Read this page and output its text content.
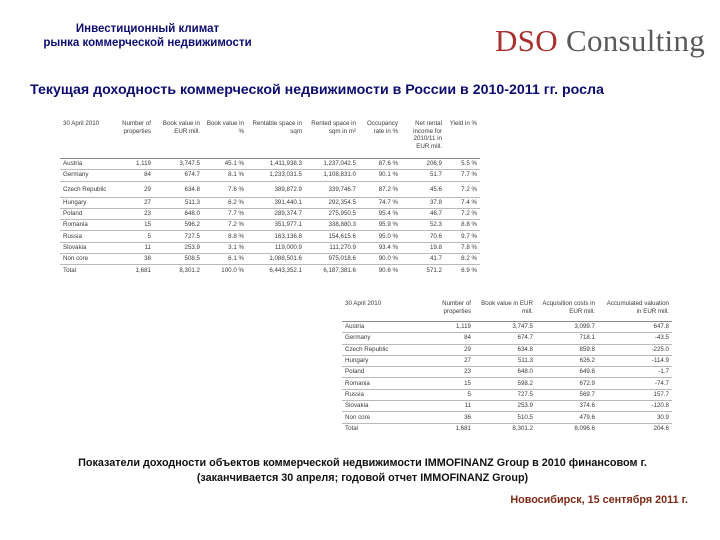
Инвестиционный климат
рынка коммерческой недвижимости	DSO Consulting
Текущая доходность коммерческой недвижимости в России в 2010-2011 гг. росла
30 April 2010	Number of properties	Book value in EUR mill.	Book value in %	Rentable space in sqm	Rented space in sqm in m²	Occupancy rate in %	Net rental income for 2010/11 in EUR mill.	Yield in %
Austria	1,119	3,747.5	45.1 %	1,411,938.3	1,237,042.5	87.6 %	206.9	5.5 %
Germany	84	674.7	8.1 %	1,233,031.5	1,108,831.0	90.1 %	51.7	7.7 %
Czech Republic	29	634.8	7.6 %	389,872.9	339,746.7	87.2 %	45.6	7.2 %
Hungary	27	511.3	6.2 %	391,440.1	292,354.5	74.7 %	37.8	7.4 %
Poland	23	648.0	7.7 %	289,374.7	275,950.5	95.4 %	46.7	7.2 %
Romania	15	596.2	7.2 %	351,977.1	338,880.3	95.9 %	52.3	8.8 %
Russia	5	727.5	8.8 %	163,136.8	154,615.6	95.0 %	70.6	9.7 %
Slovakia	11	253.9	3.1 %	119,000.9	111,270.9	93.4 %	19.8	7.8 %
Non core	38	508.5	6.1 %	1,088,501.6	975,018.6	90.0 %	41.7	8.2 %
Total	1,681	8,301.2	100.0 %	6,443,352.1	6,187,381.6	90.6 %	571.2	6.9 %
30 April 2010	Number of properties	Book value in EUR mill.	Acquisition costs in EUR mill.	Accumulated valuation in EUR mill.
Austria	1,119	3,747.5	3,099.7	647.8
Germany	84	674.7	718.1	-43.5
Czech Republic	29	634.8	859.8	-225.0
Hungary	27	511.3	626.2	-114.9
Poland	23	648.0	649.8	-1.7
Romania	15	598.2	672.9	-74.7
Russia	5	727.5	569.7	157.7
Slovakia	11	253.9	374.6	-120.8
Non core	36	510.5	479.6	30.9
Total	1,681	8,301.2	8,096.6	204.6
Показатели доходности объектов коммерческой недвижимости IMMOFINANZ Group в 2010 финансовом г.
(заканчивается 30 апреля; годовой отчет IMMOFINANZ Group)
Новосибирск, 15 сентября 2011 г.
